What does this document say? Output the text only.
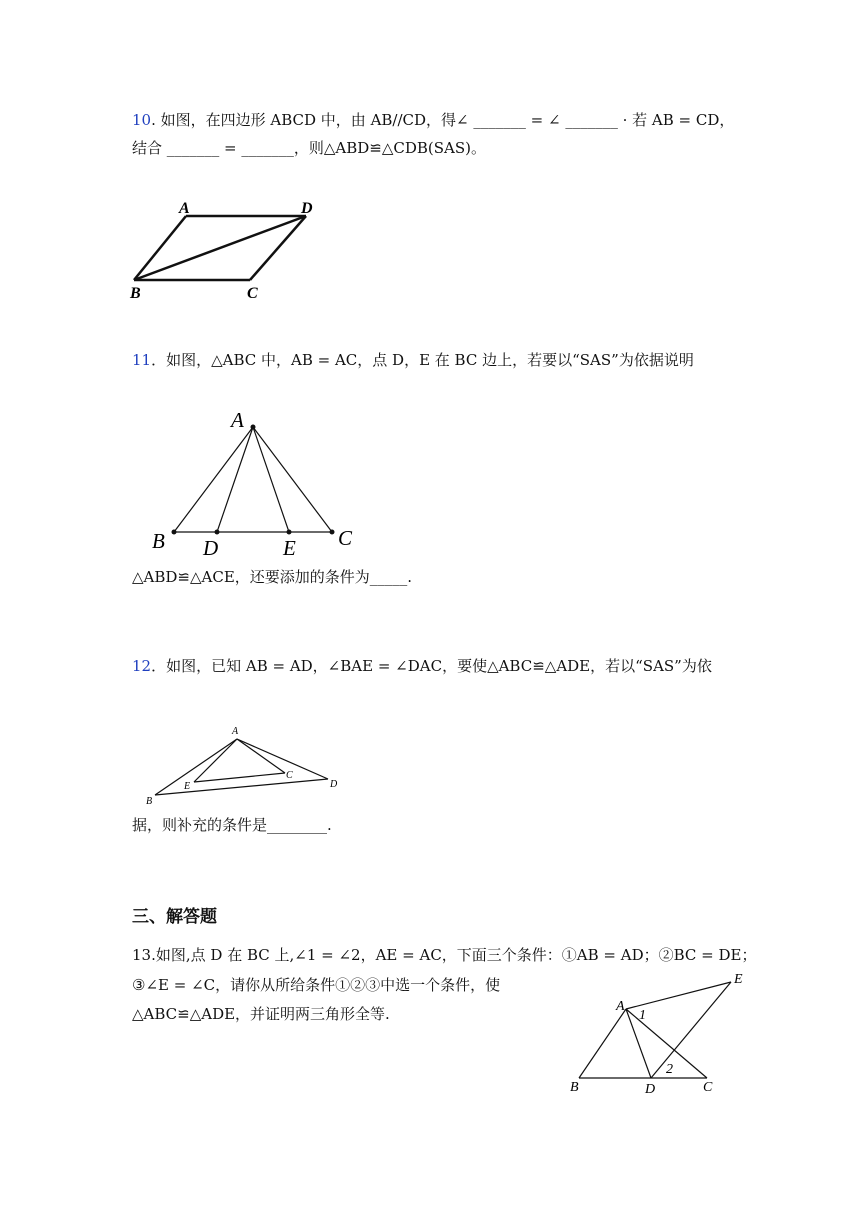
10. 如图，在四边形 ABCD 中，由 AB//CD，得∠ _______ = ∠ _______ · 若 AB = CD，
结合 _______ = _______，则△ABD≌△CDB(SAS)。
A	D
B	C
11．如图，△ABC 中，AB = AC，点 D，E 在 BC 边上，若要以“SAS”为依据说明
A
B D	E C
△ABD≌△ACE，还要添加的条件为_____.
12．如图，已知 AB = AD，∠BAE = ∠DAC，要使△ABC≌△ADE，若以“SAS”为依
A
E
C
D
B
据，则补充的条件是________.
三、解答题
13.如图,点 D 在 BC 上,∠1 = ∠2，AE = AC，下面三个条件：①AB = AD；②BC = DE；
③∠E = ∠C，请你从所给条件①②③中选一个条件，使
△ABC≌△ADE，并证明两三角形全等.	A
E
B	D	C
1
2
